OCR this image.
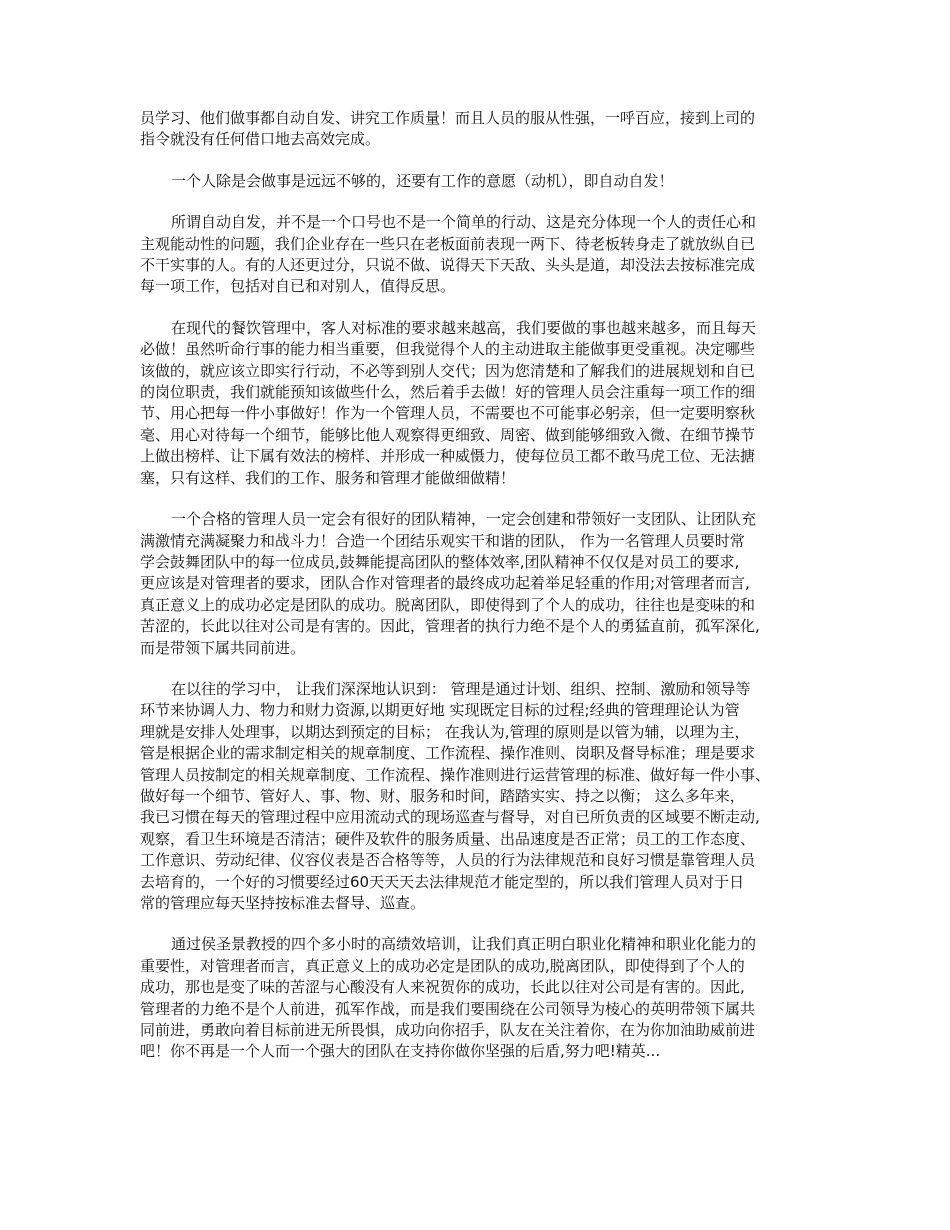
员学习、他们做事都自动自发、讲究工作质量！而且人员的服从性强，一呼百应，接到上司的
指令就没有任何借口地去高效完成。
一个人除是会做事是远远不够的，还要有工作的意愿（动机），即自动自发！
所谓自动自发，并不是一个口号也不是一个简单的行动、这是充分体现一个人的责任心和
主观能动性的问题，我们企业存在一些只在老板面前表现一两下、待老板转身走了就放纵自已
不干实事的人。有的人还更过分，只说不做、说得天下天敌、头头是道，却没法去按标准完成
每一项工作，包括对自已和对别人，值得反思。
在现代的餐饮管理中，客人对标准的要求越来越高，我们要做的事也越来越多，而且每天
必做！虽然听命行事的能力相当重要，但我觉得个人的主动进取主能做事更受重视。决定哪些
该做的，就应该立即实行行动，不必等到别人交代；因为您清楚和了解我们的进展规划和自已
的岗位职责，我们就能预知该做些什么，然后着手去做！好的管理人员会注重每一项工作的细
节、用心把每一件小事做好！作为一个管理人员，不需要也不可能事必躬亲，但一定要明察秋
毫、用心对待每一个细节，能够比他人观察得更细致、周密、做到能够细致入微、在细节操节
上做出榜样、让下属有效法的榜样、并形成一种威慑力，使每位员工都不敢马虎工位、无法搪
塞，只有这样、我们的工作、服务和管理才能做细做精！
一个合格的管理人员一定会有很好的团队精神，一定会创建和带领好一支团队、让团队充
满激情充满凝聚力和战斗力！合造一个团结乐观实干和谐的团队， 作为一名管理人员要时常
学会鼓舞团队中的每一位成员,鼓舞能提高团队的整体效率,团队精神不仅仅是对员工的要求,
更应该是对管理者的要求，团队合作对管理者的最终成功起着举足轻重的作用;对管理者而言,
真正意义上的成功必定是团队的成功。脱离团队，即使得到了个人的成功，往往也是变味的和
苦涩的，长此以往对公司是有害的。因此，管理者的执行力绝不是个人的勇猛直前，孤军深化,
而是带领下属共同前进。
在以往的学习中， 让我们深深地认识到： 管理是通过计划、组织、控制、激励和领导等
环节来协调人力、物力和财力资源,以期更好地 实现既定目标的过程;经典的管理理论认为管
理就是安排人处理事，以期达到预定的目标； 在我认为,管理的原则是以管为辅，以理为主，
管是根据企业的需求制定相关的规章制度、工作流程、操作准则、岗职及督导标准；理是要求
管理人员按制定的相关规章制度、工作流程、操作准则进行运营管理的标准、做好每一件小事、
做好每一个细节、管好人、事、物、财、服务和时间，踏踏实实、持之以衡； 这么多年来，
我已习惯在每天的管理过程中应用流动式的现场巡查与督导，对自已所负责的区域要不断走动,
观察，看卫生环境是否清洁；硬件及软件的服务质量、出品速度是否正常；员工的工作态度、
工作意识、劳动纪律、仪容仪表是否合格等等，人员的行为法律规范和良好习惯是靠管理人员
去培育的，一个好的习惯要经过60天天天去法律规范才能定型的，所以我们管理人员对于日
常的管理应每天坚持按标准去督导、巡查。
通过侯圣景教授的四个多小时的高绩效培训，让我们真正明白职业化精神和职业化能力的
重要性，对管理者而言，真正意义上的成功必定是团队的成功,脱离团队，即使得到了个人的
成功，那也是变了味的苦涩与心酸没有人来祝贺你的成功，长此以往对公司是有害的。因此,
管理者的力绝不是个人前进，孤军作战，而是我们要围绕在公司领导为棱心的英明带领下属共
同前进，勇敢向着目标前进无所畏惧，成功向你招手，队友在关注着你，在为你加油助威前进
吧！你不再是一个人而一个强大的团队在支持你做你坚强的后盾,努力吧!精英...
